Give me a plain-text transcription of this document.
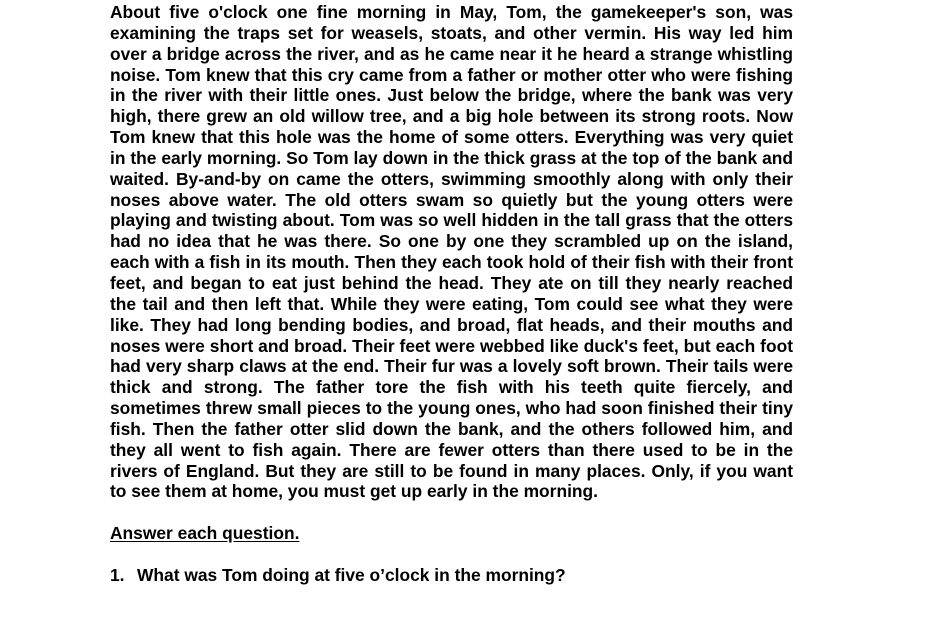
About five o'clock one fine morning in May, Tom, the gamekeeper's son, was examining the traps set for weasels, stoats, and other vermin. His way led him over a bridge across the river, and as he came near it he heard a strange whistling noise. Tom knew that this cry came from a father or mother otter who were fishing in the river with their little ones. Just below the bridge, where the bank was very high, there grew an old willow tree, and a big hole between its strong roots. Now Tom knew that this hole was the home of some otters. Everything was very quiet in the early morning. So Tom lay down in the thick grass at the top of the bank and waited. By-and-by on came the otters, swimming smoothly along with only their noses above water. The old otters swam so quietly but the young otters were playing and twisting about. Tom was so well hidden in the tall grass that the otters had no idea that he was there. So one by one they scrambled up on the island, each with a fish in its mouth. Then they each took hold of their fish with their front feet, and began to eat just behind the head. They ate on till they nearly reached the tail and then left that. While they were eating, Tom could see what they were like. They had long bending bodies, and broad, flat heads, and their mouths and noses were short and broad. Their feet were webbed like duck's feet, but each foot had very sharp claws at the end. Their fur was a lovely soft brown. Their tails were thick and strong. The father tore the fish with his teeth quite fiercely, and sometimes threw small pieces to the young ones, who had soon finished their tiny fish. Then the father otter slid down the bank, and the others followed him, and they all went to fish again. There are fewer otters than there used to be in the rivers of England. But they are still to be found in many places. Only, if you want to see them at home, you must get up early in the morning.

Answer each question.
1. What was Tom doing at five o’clock in the morning?
